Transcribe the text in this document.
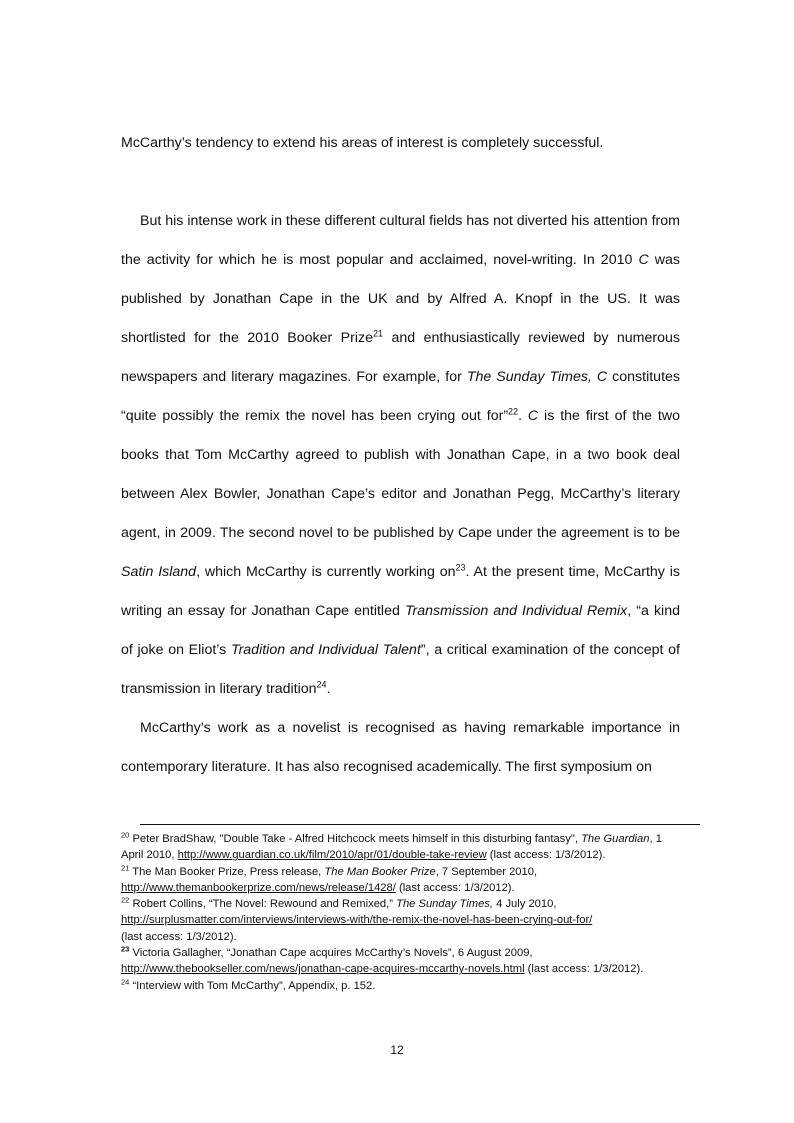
McCarthy’s tendency to extend his areas of interest is completely successful.

But his intense work in these different cultural fields has not diverted his attention from the activity for which he is most popular and acclaimed, novel-writing. In 2010 C was published by Jonathan Cape in the UK and by Alfred A. Knopf in the US. It was shortlisted for the 2010 Booker Prize$^{21}$ and enthusiastically reviewed by numerous newspapers and literary magazines. For example, for The Sunday Times, C constitutes “quite possibly the remix the novel has been crying out for”$^{22}$. C is the first of the two books that Tom McCarthy agreed to publish with Jonathan Cape, in a two book deal between Alex Bowler, Jonathan Cape’s editor and Jonathan Pegg, McCarthy’s literary agent, in 2009. The second novel to be published by Cape under the agreement is to be Satin Island, which McCarthy is currently working $on^{23}$. At the present time, McCarthy is writing an essay for Jonathan Cape entitled Transmission and Individual Remix, “a kind of joke on Eliot’s Tradition and Individual Talent”, a critical examination of the concept of transmission in literary tradition$^{24}$.

McCarthy’s work as a novelist is recognised as having remarkable importance in contemporary literature. It has also recognised academically. The first symposium on

$^{20}$ Peter BradShaw, "Double Take - Alfred Hitchcock meets himself in this disturbing fantasy", The Guardian, 1 April 2010, http://www.guardian.co.uk/film/2010/apr/01/double-take-review (last access: 1/3/2012).

$^{21}$ The Man Booker Prize, Press release, The Man Booker Prize, 7 September 2010,
http://www.themanbookerprize.com/news/release/1428/ (last access: 1/3/2012).

$^{22}$ Robert Collins, “The Novel: Rewound and Remixed,” The Sunday Times, 4 July 2010,
http://surplusmatter.com/interviews/interviews-with/the-remix-the-novel-has-been-crying-out-for/
(last access: 1/3/2012).

$^{23}$ Victoria Gallagher, “Jonathan Cape acquires McCarthy’s Novels”, 6 August 2009,
http://www.thebookseller.com/news/jonathan-cape-acquires-mccarthy-novels.html (last access: 1/3/2012).

$^{24}$ “Interview with Tom McCarthy”, Appendix, p. 152.

12
